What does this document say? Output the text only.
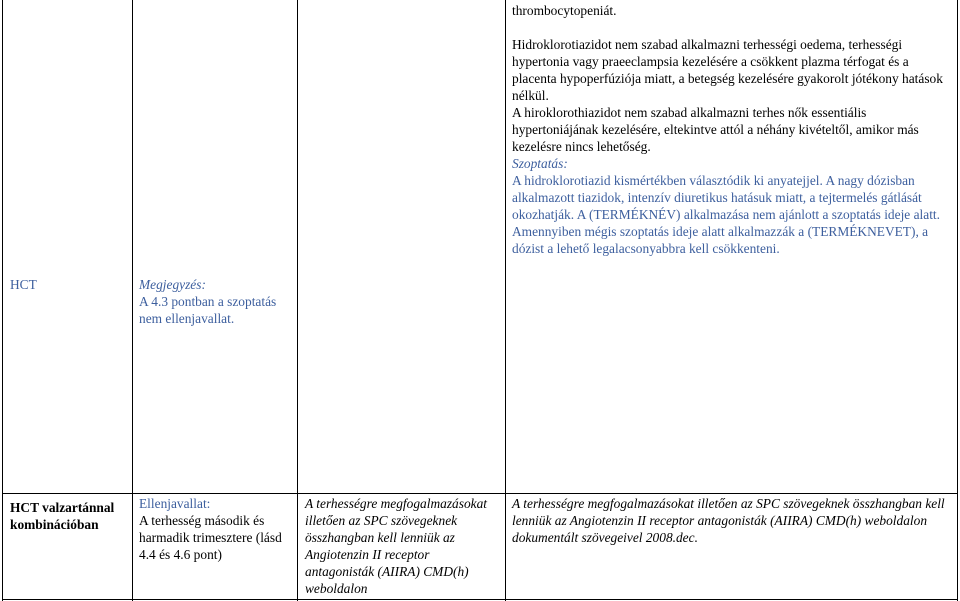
HCT	Megjegyzés:

A 4.3 pontban a szoptatás nem ellenjavallat.

thrombocytopeniát.

Hidroklorotiazidot nem szabad alkalmazni terhességi oedema, terhességi hypertonia vagy praeeclampsia kezelésére a csökkent plazma térfogat és a placenta hypoperfúziója miatt, a betegség kezelésére gyakorolt jótékony hatások nélkül.

A hiroklorothiazidot nem szabad alkalmazni terhes nők essentiális hypertoniájának kezelésére, eltekintve attól a néhány kivételtől, amikor más kezelésre nincs lehetőség.

Szoptatás:

A hidroklorotiazid kismértékben választódik ki anyatejjel. A nagy dózisban alkalmazott tiazidok, intenzív diuretikus hatásuk miatt, a tejtermelés gátlását okozhatják. A (TERMÉKNÉV) alkalmazása nem ajánlott a szoptatás ideje alatt. Amennyiben mégis szoptatás ideje alatt alkalmazzák a (TERMÉKNEVET), a dózist a lehető legalacsonyabbra kell csökkenteni.

HCT valzartánnal kombinációban

Ellenjavallat:

A terhesség második és harmadik trimesztere (lásd 4.4 és 4.6 pont)

A terhességre megfogalmazásokat illetően az SPC szövegeknek összhangban kell lenniük az Angiotenzin II receptor antagonisták (AIIRA) CMD(h) weboldalon
A terhességre megfogalmazásokat illetően az SPC szövegeknek összhangban kell lenniük az Angiotenzin II receptor antagonisták (AIIRA) CMD(h) weboldalon dokumentált szövegeivel 2008.dec.
